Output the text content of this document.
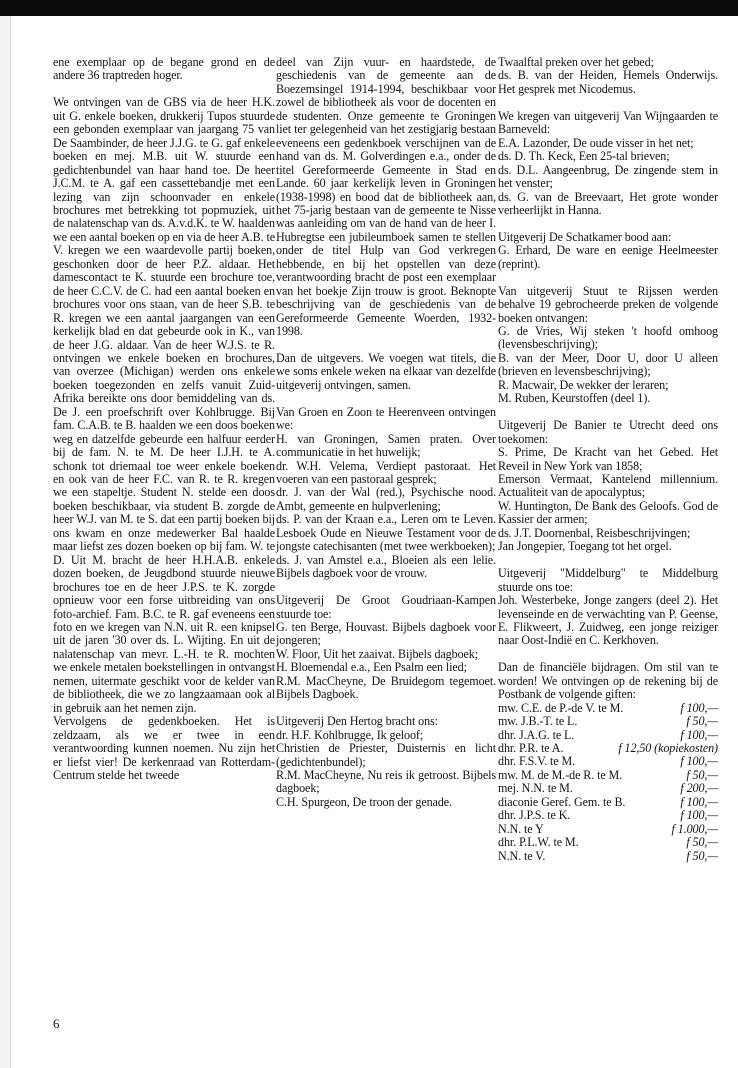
ene exemplaar op de begane grond en de andere 36 traptreden hoger.

We ontvingen van de GBS via de heer H.K. uit G. enkele boeken, drukkerij Tupos stuurde een gebonden exemplaar van jaargang 75 van De Saambinder, de heer J.J.G. te G. gaf enkele boeken en mej. M.B. uit W. stuurde een gedichtenbundel van haar hand toe. De heer J.C.M. te A. gaf een cassettebandje met een lezing van zijn schoonvader en enkele brochures met betrekking tot popmuziek, uit de nalatenschap van ds. A.v.d.K. te W. haalden we een aantal boeken op en via de heer A.B. te V. kregen we een waardevolle partij boeken, geschonken door de heer P.Z. aldaar. Het damescontact te K. stuurde een brochure toe, de heer C.C.V. de C. had een aantal boeken en brochures voor ons staan, van de heer S.B. te R. kregen we een aantal jaargangen van een kerkelijk blad en dat gebeurde ook in K., van de heer J.G. aldaar. Van de heer W.J.S. te R. ontvingen we enkele boeken en brochures, van overzee (Michigan) werden ons enkele boeken toegezonden en zelfs vanuit Zuid-Afrika bereikte ons door bemiddeling van ds. De J. een proefschrift over Kohlbrugge. Bij fam. C.A.B. te B. haalden we een doos boeken weg en datzelfde gebeurde een halfuur eerder bij de fam. N. te M. De heer I.J.H. te A. schonk tot driemaal toe weer enkele boeken en ook van de heer F.C. van R. te R. kregen we een stapeltje. Student N. stelde een doos boeken beschikbaar, via student B. zorgde de heer W.J. van M. te S. dat een partij boeken bij ons kwam en onze medewerker Bal haalde maar liefst zes dozen boeken op bij fam. W. te D. Uit M. bracht de heer H.H.A.B. enkele dozen boeken, de Jeugdbond stuurde nieuwe brochures toe en de heer J.P.S. te K. zorgde opnieuw voor een forse uitbreiding van ons foto-archief. Fam. B.C. te R. gaf eveneens een foto en we kregen van N.N. uit R. een knipsel uit de jaren '30 over ds. L. Wijting. En uit de nalatenschap van mevr. L.-H. te R. mochten we enkele metalen boekstellingen in ontvangst nemen, uitermate geschikt voor de kelder van de bibliotheek, die we zo langzaamaan ook al in gebruik aan het nemen zijn.

Vervolgens de gedenkboeken. Het is zeldzaam, als we er twee in een verantwoording kunnen noemen. Nu zijn het er liefst vier! De kerkenraad van Rotterdam-Centrum stelde het tweede

deel van Zijn vuur- en haardstede, de geschiedenis van de gemeente aan de Boezemsingel 1914-1994, beschikbaar voor zowel de bibliotheek als voor de docenten en de studenten. Onze gemeente te Groningen liet ter gelegenheid van het zestigjarig bestaan eveneens een gedenkboek verschijnen van de hand van ds. M. Golverdingen e.a., onder de titel Gereformeerde Gemeente in Stad en Lande. 60 jaar kerkelijk leven in Groningen (1938-1998) en bood dat de bibliotheek aan, het 75-jarig bestaan van de gemeente te Nisse was aanleiding om van de hand van de heer I. Hubregtse een jubileumboek samen te stellen onder de titel Hulp van God verkregen hebbende, en bij het opstellen van deze verantwoording bracht de post een exemplaar van het boekje Zijn trouw is groot. Beknopte beschrijving van de geschiedenis van de Gereformeerde Gemeente Woerden, 1932-1998.

Dan de uitgevers. We voegen wat titels, die we soms enkele weken na elkaar van dezelfde uitgeverij ontvingen, samen.

Van Groen en Zoon te Heerenveen ontvingen we:

H. van Groningen, Samen praten. Over communicatie in het huwelijk;

dr. W.H. Velema, Verdiept pastoraat. Het voeren van een pastoraal gesprek;

dr. J. van der Wal (red.), Psychische nood. Ambt, gemeente en hulpverlening;

ds. P. van der Kraan e.a., Leren om te Leven. Lesboek Oude en Nieuwe Testament voor de jongste catechisanten (met twee werkboeken);

ds. J. van Amstel e.a., Bloeien als een lelie. Bijbels dagboek voor de vrouw.

Uitgeverij De Groot Goudriaan-Kampen stuurde toe:

G. ten Berge, Houvast. Bijbels dagboek voor jongeren;

W. Floor, Uit het zaaivat. Bijbels dagboek;

H. Bloemendal e.a., Een Psalm een lied;

R.M. MacCheyne, De Bruidegom tegemoet. Bijbels Dagboek.

Uitgeverij Den Hertog bracht ons:

dr. H.F. Kohlbrugge, Ik geloof;

Christien de Priester, Duisternis en licht (gedichtenbundel);

R.M. MacCheyne, Nu reis ik getroost. Bijbels dagboek;

C.H. Spurgeon, De troon der genade.

Twaalftal preken over het gebed;

ds. B. van der Heiden, Hemels Onderwijs. Het gesprek met Nicodemus.

We kregen van uitgeverij Van Wijngaarden te Barneveld:

E.A. Lazonder, De oude visser in het net;

ds. D. Th. Keck, Een 25-tal brieven;

ds. D.L. Aangeenbrug, De zingende stem in het venster;

ds. G. van de Breevaart, Het grote wonder verheerlijkt in Hanna.

Uitgeverij De Schatkamer bood aan:

G. Erhard, De ware en eenige Heelmeester (reprint).

Van uitgeverij Stuut te Rijssen werden behalve 19 gebrocheerde preken de volgende boeken ontvangen:

G. de Vries, Wij steken 't hoofd omhoog (levensbeschrijving);

B. van der Meer, Door U, door U alleen (brieven en levensbeschrijving);

R. Macwair, De wekker der leraren;

M. Ruben, Keurstoffen (deel 1).

Uitgeverij De Banier te Utrecht deed ons toekomen:

S. Prime, De Kracht van het Gebed. Het Reveil in New York van 1858;

Emerson Vermaat, Kantelend millennium. Actualiteit van de apocalyptus;

W. Huntington, De Bank des Geloofs. God de Kassier der armen;

ds. J.T. Doornenbal, Reisbeschrijvingen;

Jan Jongepier, Toegang tot het orgel.

Uitgeverij "Middelburg" te Middelburg stuurde ons toe:

Joh. Westerbeke, Jonge zangers (deel 2). Het levenseinde en de verwachting van P. Geense, E. Flikweert, J. Zuidweg, een jonge reiziger naar Oost-Indië en C. Kerkhoven.

Dan de financiële bijdragen. Om stil van te worden! We ontvingen op de rekening bij de Postbank de volgende giften:

mw. C.E. de P.-de V. te M.	f 100,—
mw. J.B.-T. te L.	f 50,—
dhr. J.A.G. te L.	f 100,—
dhr. P.R. te A.	f 12,50 (kopiekosten)
dhr. F.S.V. te M.	f 100,—
mw. M. de M.-de R. te M.	f 50,—
mej. N.N. te M.	f 200,—
diaconie Geref. Gem. te B.	f 100,—
dhr. J.P.S. te K.	f 100,—
N.N. te Y	f 1.000,—
dhr. P.L.W. te M.	f 50,—
N.N. te V.	f 50,—
6
